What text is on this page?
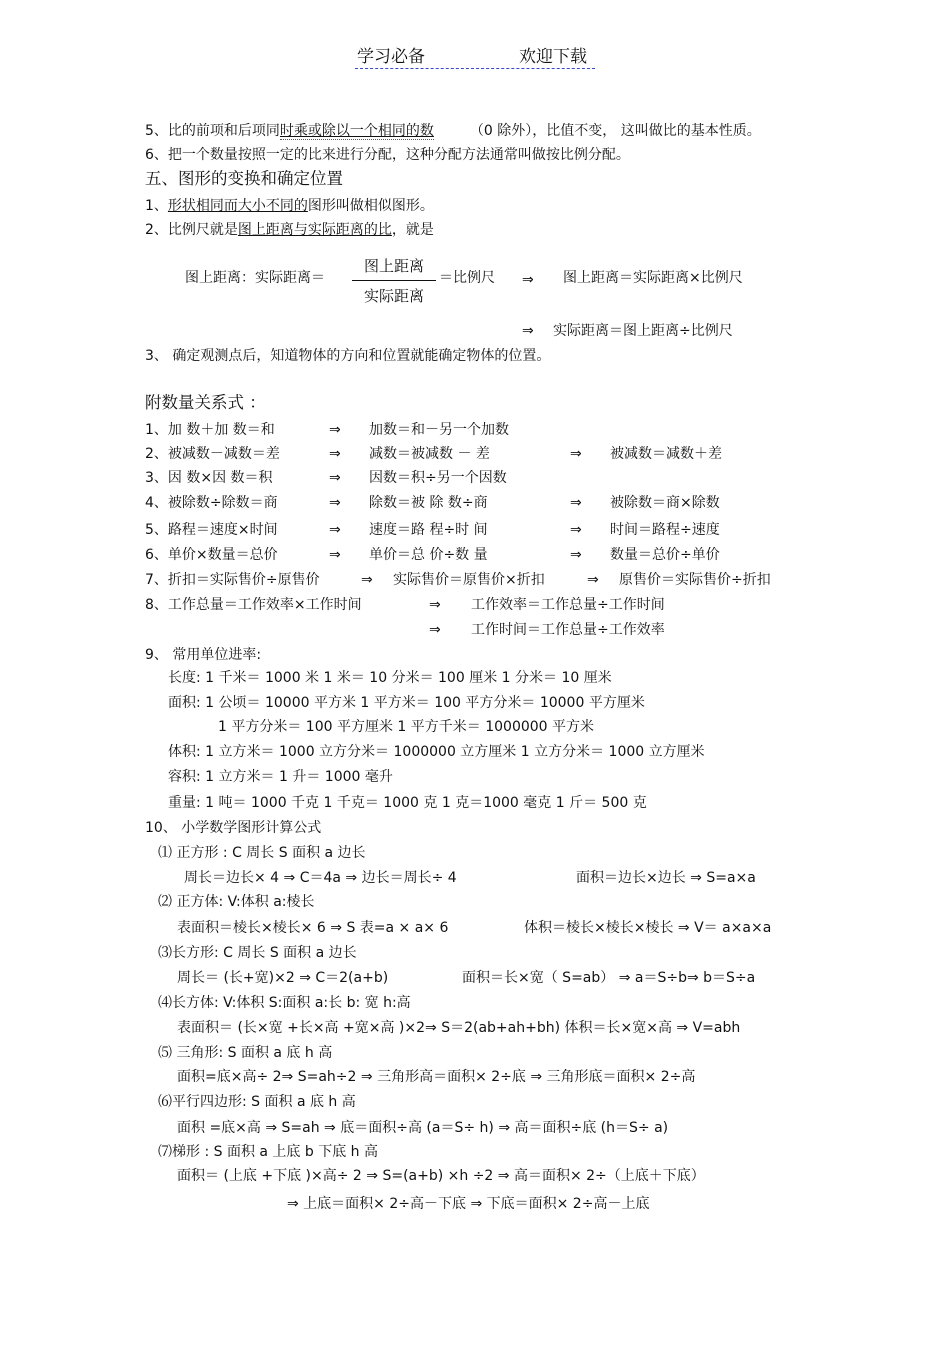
学习必备	欢迎下载
5、比的前项和后项同时乘或除以一个相同的数	（0 除外），比值不变， 这叫做比的基本性质。
6、把一个数量按照一定的比来进行分配，这种分配方法通常叫做按比例分配。
五、图形的变换和确定位置
1、形状相同而大小不同的图形叫做相似图形。
2、比例尺就是图上距离与实际距离的比，就是
图上距离：实际距离＝
图上距离
实际距离
＝比例尺 ⇒ 图上距离＝实际距离×比例尺
⇒ 实际距离＝图上距离÷比例尺
3、 确定观测点后，知道物体的方向和位置就能确定物体的位置。
附数量关系式 ：
1、加 数＋加 数＝和	⇒ 加数＝和－另一个加数
2、被减数－减数＝差	⇒ 减数＝被减数 － 差	⇒ 被减数＝减数＋差
3、因 数×因 数＝积	⇒ 因数＝积÷另一个因数
4、被除数÷除数＝商	⇒ 除数＝被 除 数÷商	⇒ 被除数＝商×除数
5、路程＝速度×时间	⇒ 速度＝路 程÷时 间	⇒ 时间＝路程÷速度
6、单价×数量＝总价	⇒ 单价＝总 价÷数 量	⇒ 数量＝总价÷单价
7、折扣＝实际售价÷原售价	⇒ 实际售价＝原售价×折扣	⇒ 原售价＝实际售价÷折扣
8、工作总量＝工作效率×工作时间	⇒ 工作效率＝工作总量÷工作时间
⇒ 工作时间＝工作总量÷工作效率
9、 常用单位进率:
长度: 1 千米＝ 1000 米 1 米＝ 10 分米＝ 100 厘米 1 分米＝ 10 厘米
面积: 1 公顷＝ 10000 平方米 1 平方米＝ 100 平方分米＝ 10000 平方厘米
1 平方分米＝ 100 平方厘米 1 平方千米＝ 1000000 平方米
体积: 1 立方米＝ 1000 立方分米＝ 1000000 立方厘米 1 立方分米＝ 1000 立方厘米
容积: 1 立方米＝ 1 升＝ 1000 毫升
重量: 1 吨＝ 1000 千克 1 千克＝ 1000 克 1 克＝1000 毫克 1 斤＝ 500 克
10、 小学数学图形计算公式
⑴ 正方形 : C 周长 S 面积 a 边长
周长＝边长× 4 ⇒ C＝4a ⇒ 边长＝周长÷ 4	面积＝边长×边长 ⇒ S=a×a
⑵ 正方体: V:体积 a:棱长
表面积＝棱长×棱长× 6 ⇒ S 表=a × a× 6	体积＝棱长×棱长×棱长 ⇒ V＝ a×a×a
⑶长方形: C 周长 S 面积 a 边长
周长＝ (长+宽)×2 ⇒ C＝2(a+b)	面积＝长×宽（ S=ab） ⇒ a＝S÷b⇒ b＝S÷a
⑷长方体: V:体积 S:面积 a:长 b: 宽 h:高
表面积＝ (长×宽 +长×高 +宽×高 )×2⇒ S＝2(ab+ah+bh) 体积＝长×宽×高 ⇒ V=abh
⑸ 三角形: S 面积 a 底 h 高
面积=底×高÷ 2⇒ S=ah÷2 ⇒ 三角形高＝面积× 2÷底 ⇒ 三角形底＝面积× 2÷高
⑹平行四边形: S 面积 a 底 h 高
面积 =底×高 ⇒ S=ah ⇒ 底＝面积÷高 (a＝S÷ h) ⇒ 高＝面积÷底 (h＝S÷ a)
⑺梯形 : S 面积 a 上底 b 下底 h 高
面积＝ (上底 +下底 )×高÷ 2 ⇒ S=(a+b) ×h ÷2 ⇒ 高＝面积× 2÷（上底＋下底）
⇒ 上底＝面积× 2÷高－下底 ⇒ 下底＝面积× 2÷高－上底
